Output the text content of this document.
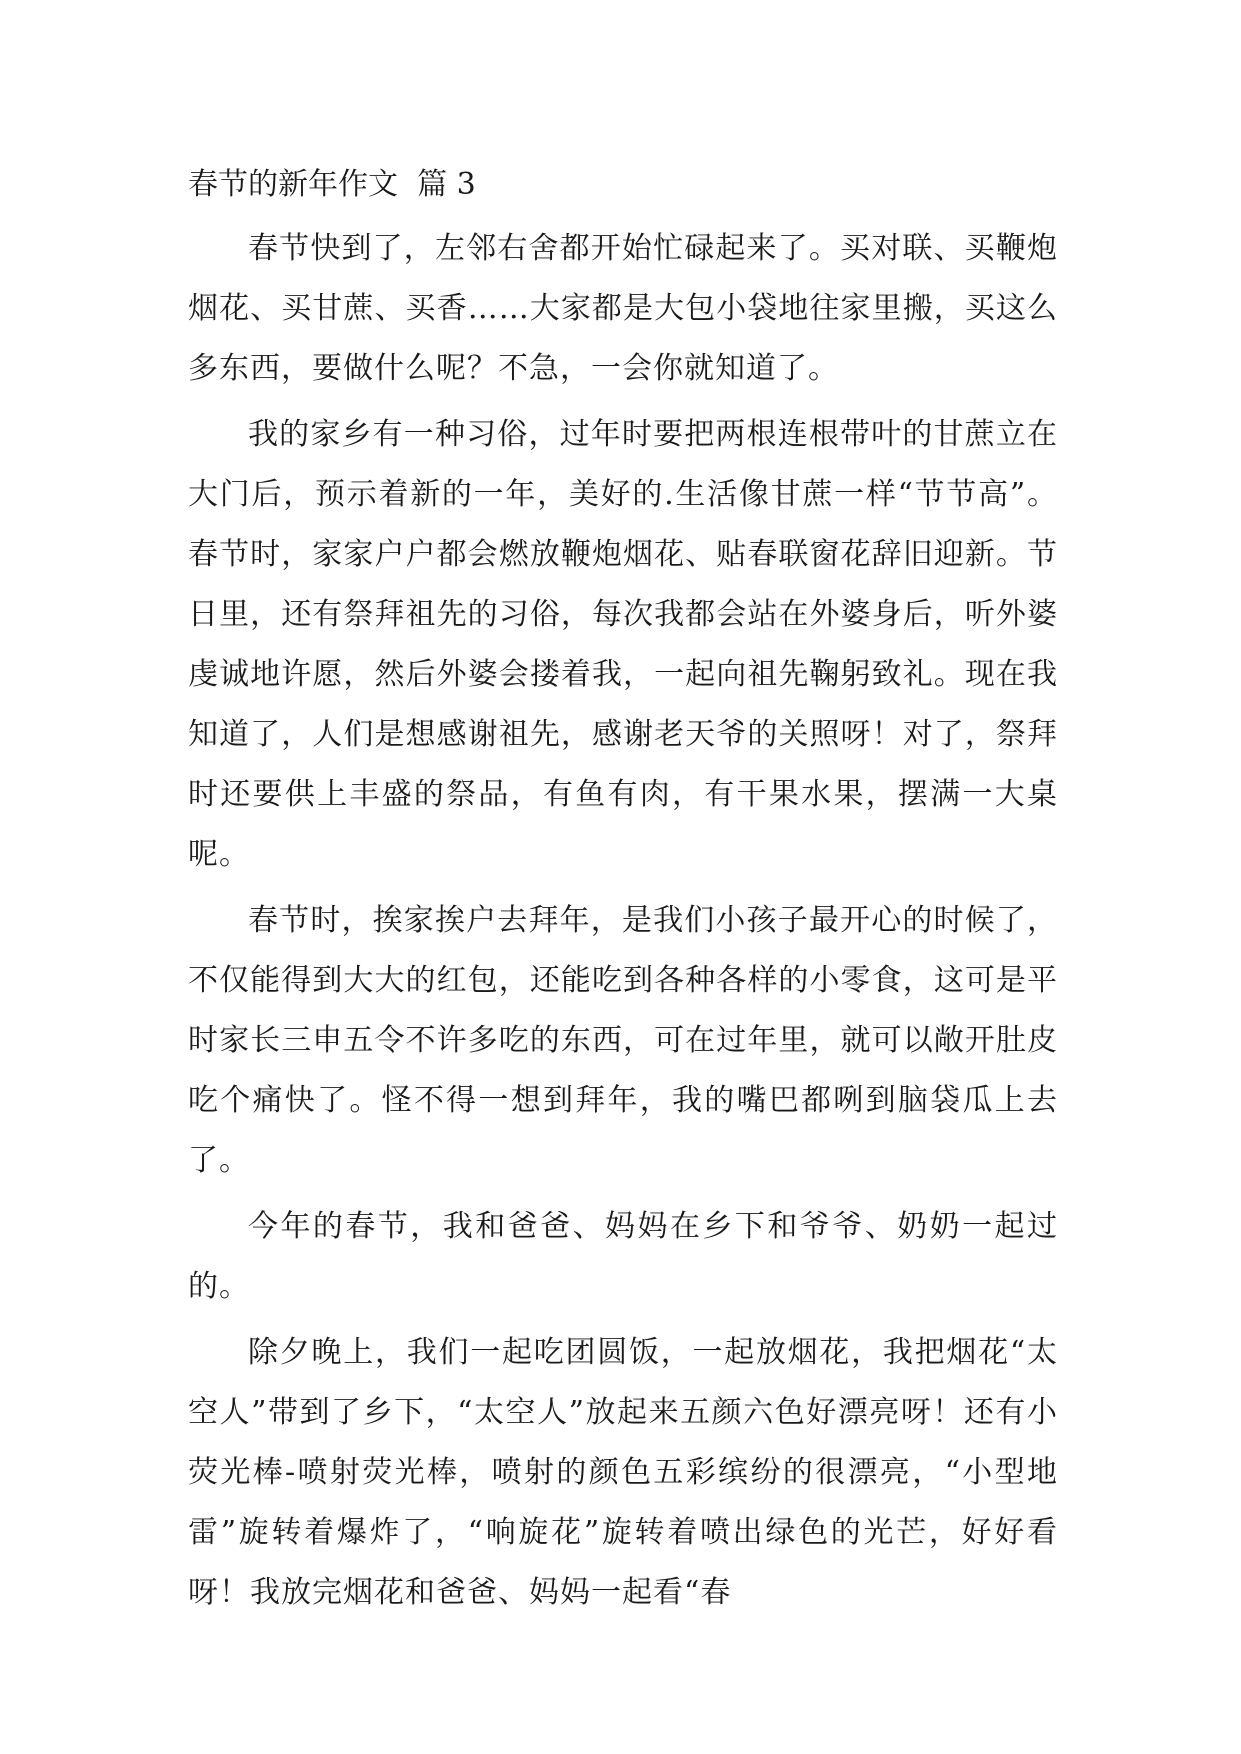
春节的新年作文  篇 3

春节快到了，左邻右舍都开始忙碌起来了。买对联、买鞭炮烟花、买甘蔗、买香……大家都是大包小袋地往家里搬，买这么多东西，要做什么呢？不急，一会你就知道了。

我的家乡有一种习俗，过年时要把两根连根带叶的甘蔗立在大门后，预示着新的一年，美好的.生活像甘蔗一样“节节高”。春节时，家家户户都会燃放鞭炮烟花、贴春联窗花辞旧迎新。节日里，还有祭拜祖先的习俗，每次我都会站在外婆身后，听外婆虔诚地许愿，然后外婆会搂着我，一起向祖先鞠躬致礼。现在我知道了，人们是想感谢祖先，感谢老天爷的关照呀！对了，祭拜时还要供上丰盛的祭品，有鱼有肉，有干果水果，摆满一大桌呢。

春节时，挨家挨户去拜年，是我们小孩子最开心的时候了，不仅能得到大大的红包，还能吃到各种各样的小零食，这可是平时家长三申五令不许多吃的东西，可在过年里，就可以敞开肚皮吃个痛快了。怪不得一想到拜年，我的嘴巴都咧到脑袋瓜上去了。

今年的春节，我和爸爸、妈妈在乡下和爷爷、奶奶一起过的。

除夕晚上，我们一起吃团圆饭，一起放烟花，我把烟花“太空人”带到了乡下，“太空人”放起来五颜六色好漂亮呀！还有小荧光棒-喷射荧光棒，喷射的颜色五彩缤纷的很漂亮，“小型地雷”旋转着爆炸了，“响旋花”旋转着喷出绿色的光芒，好好看呀！我放完烟花和爸爸、妈妈一起看“春
